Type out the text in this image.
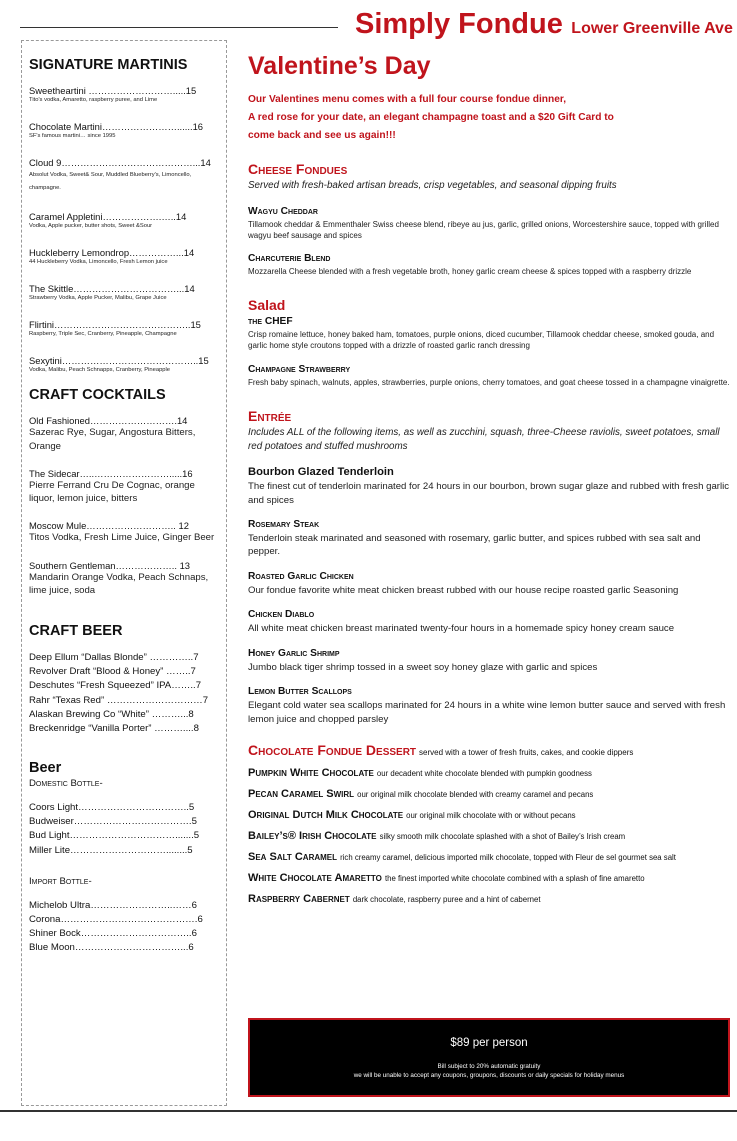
Simply Fondue Lower Greenville Ave
SIGNATURE MARTINIS
Sweetheartini ……………………….....15
Tito's vodka, Amaretto, raspberry puree, and Lime
Chocolate Martini……………………......16
SF's famous martini… since 1995
Cloud 9……………………………………...14
Absolut Vodka, Sweet& Sour, Muddled Blueberry's, Limoncello, champagne.
Caramel Appletini……………….…..14
Vodka, Apple pucker, butter shots, Sweet &Sour
Huckleberry Lemondrop……………...14
44 Huckleberry Vodka, Limoncello, Fresh Lemon juice
The Skittle……………………………...14
Strawberry Vodka, Apple Pucker, Malibu, Grape Juice
Flirtini……………………………………..15
Raspberry, Triple Sec, Cranberry, Pineapple, Champagne
Sexytini……………………………………..15
Vodka, Malibu, Peach Schnapps, Cranberry, Pineapple
CRAFT COCKTAILS
Old Fashioned……………………….14
Sazerac Rye, Sugar, Angostura Bitters, Orange
The Sidecar…..…………………….....16
Pierre Ferrand Cru De Cognac, orange liquor, lemon juice, bitters
Moscow Mule……………………….. 12
Titos Vodka, Fresh Lime Juice, Ginger Beer
Southern Gentleman……………….. 13
Mandarin Orange Vodka, Peach Schnaps, lime juice, soda
CRAFT BEER
Deep Ellum “Dallas Blonde” …………..7
Revolver Draft “Blood & Honey” ……..7
Deschutes “Fresh Squeezed” IPA……..7
Rahr “Texas Red” …………………………7
Alaskan Brewing Co “White” ………...8
Breckenridge “Vanilla Porter” ………....8
Beer
Domestic Bottle-
Coors Light……………………………..5
Budweiser……………………………….5
Bud Light…………………………….......5
Miller Lite…………………………........5
Import Bottle-
Michelob Ultra……………………..……6
Corona…………………………………….6
Shiner Bock……………………………..6
Blue Moon……………………………...6
Valentine’s Day
Our Valentines menu comes with a full four course fondue dinner,
A red rose for your date, an elegant champagne toast and a $20 Gift Card to
come back and see us again!!!
Cheese Fondues
Served with fresh-baked artisan breads, crisp vegetables, and seasonal dipping fruits
Wagyu Cheddar
Tillamook cheddar & Emmenthaler Swiss cheese blend, ribeye au jus, garlic, grilled onions, Worcestershire sauce, topped with grilled wagyu beef sausage and spices
Charcuterie Blend
Mozzarella Cheese blended with a fresh vegetable broth, honey garlic cream cheese & spices topped with a raspberry drizzle
Salad
the CHEF
Crisp romaine lettuce, honey baked ham, tomatoes, purple onions, diced cucumber, Tillamook cheddar cheese, smoked gouda, and garlic home style croutons topped with a drizzle of roasted garlic ranch dressing
Champagne Strawberry
Fresh baby spinach, walnuts, apples, strawberries, purple onions, cherry tomatoes, and goat cheese tossed in a champagne vinaigrette.
Entrée
Includes ALL of the following items, as well as zucchini, squash, three-Cheese raviolis, sweet potatoes, small red potatoes and stuffed mushrooms
Bourbon Glazed Tenderloin
The finest cut of tenderloin marinated for 24 hours in our bourbon, brown sugar glaze and rubbed with fresh garlic and spices
Rosemary Steak
Tenderloin steak marinated and seasoned with rosemary, garlic butter, and spices rubbed with sea salt and pepper.
Roasted Garlic Chicken
Our fondue favorite white meat chicken breast rubbed with our house recipe roasted garlic Seasoning
Chicken Diablo
All white meat chicken breast marinated twenty-four hours in a homemade spicy honey cream sauce
Honey Garlic Shrimp
Jumbo black tiger shrimp tossed in a sweet soy honey glaze with garlic and spices
Lemon Butter Scallops
Elegant cold water sea scallops marinated for 24 hours in a white wine lemon butter sauce and served with fresh lemon juice and chopped parsley
Chocolate Fondue Dessert served with a tower of fresh fruits, cakes, and cookie dippers
Pumpkin White Chocolate our decadent white chocolate blended with pumpkin goodness
Pecan Caramel Swirl our original milk chocolate blended with creamy caramel and pecans
Original Dutch Milk Chocolate our original milk chocolate with or without pecans
Bailey’s® Irish Chocolate silky smooth milk chocolate splashed with a shot of Bailey’s Irish cream
Sea Salt Caramel rich creamy caramel, delicious imported milk chocolate, topped with Fleur de sel gourmet sea salt
White Chocolate Amaretto the finest imported white chocolate combined with a splash of fine amaretto
Raspberry Cabernet dark chocolate, raspberry puree and a hint of cabernet
$89 per person
Bill subject to 20% automatic gratuity
we will be unable to accept any coupons, groupons, discounts or daily specials for holiday menus
